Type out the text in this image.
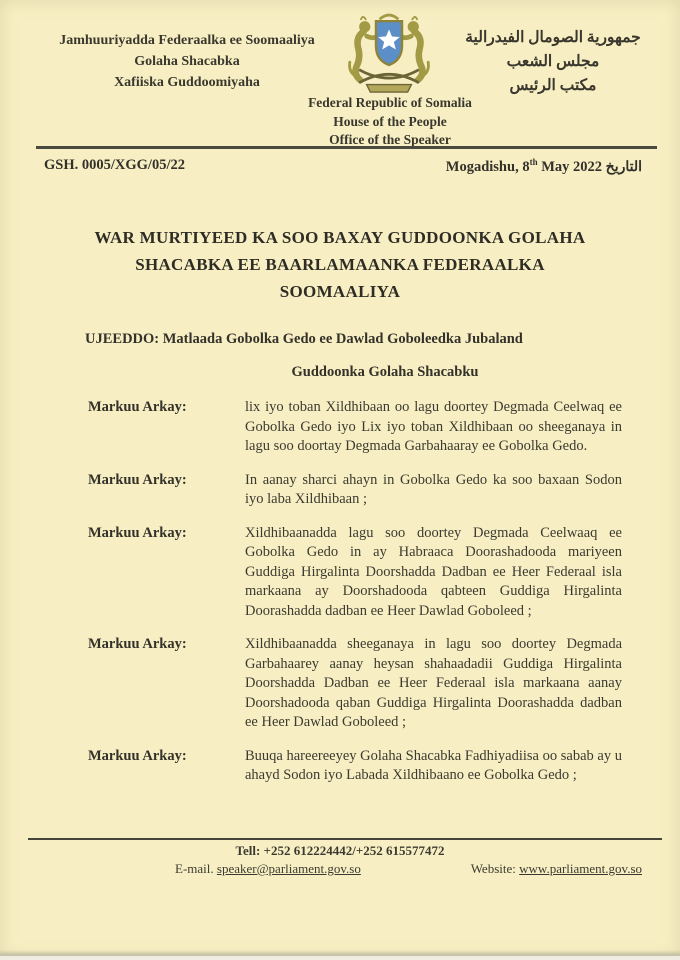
Jamhuuriyadda Federaalka ee Soomaaliya
Golaha Shacabka
Xafiiska Guddoomiyaha
Federal Republic of Somalia
House of the People
Office of the Speaker
جمهورية الصومال الفيدرالية
مجلس الشعب
مكتب الرئيس
GSH. 0005/XGG/05/22	Mogadishu, 8th May 2022 التاريخ
WAR MURTIYEED KA SOO BAXAY GUDDOONKA GOLAHA
SHACABKA EE BAARLAMAANKA FEDERAALKA
SOOMAALIYA
UJEEDDO: Matlaada Gobolka Gedo ee Dawlad Goboleedka Jubaland
Guddoonka Golaha Shacabku
Markuu Arkay:	lix iyo toban Xildhibaan oo lagu doortey Degmada Ceelwaq ee Gobolka Gedo iyo Lix iyo toban Xildhibaan oo sheeganaya in lagu soo doortay Degmada Garbahaaray ee Gobolka Gedo.
Markuu Arkay:	In aanay sharci ahayn in Gobolka Gedo ka soo baxaan Sodon iyo laba Xildhibaan ;
Markuu Arkay:	Xildhibaanadda lagu soo doortey Degmada Ceelwaaq ee Gobolka Gedo in ay Habraaca Doorashadooda mariyeen Guddiga Hirgalinta Doorshadda Dadban ee Heer Federaal isla markaana ay Doorshadooda qabteen Guddiga Hirgalinta Doorashadda dadban ee Heer Dawlad Goboleed ;
Markuu Arkay:	Xildhibaanadda sheeganaya in lagu soo doortey Degmada Garbahaarey aanay heysan shahaadadii Guddiga Hirgalinta Doorshadda Dadban ee Heer Federaal isla markaana aanay Doorshadooda qaban Guddiga Hirgalinta Doorashadda dadban ee Heer Dawlad Goboleed ;
Markuu Arkay:	Buuqa hareereeyey Golaha Shacabka Fadhiyadiisa oo sabab ay u ahayd Sodon iyo Labada Xildhibaano ee Gobolka Gedo ;
Tell: +252 612224442/+252 615577472
E-mail. speaker@parliament.gov.so	Website: www.parliament.gov.so
